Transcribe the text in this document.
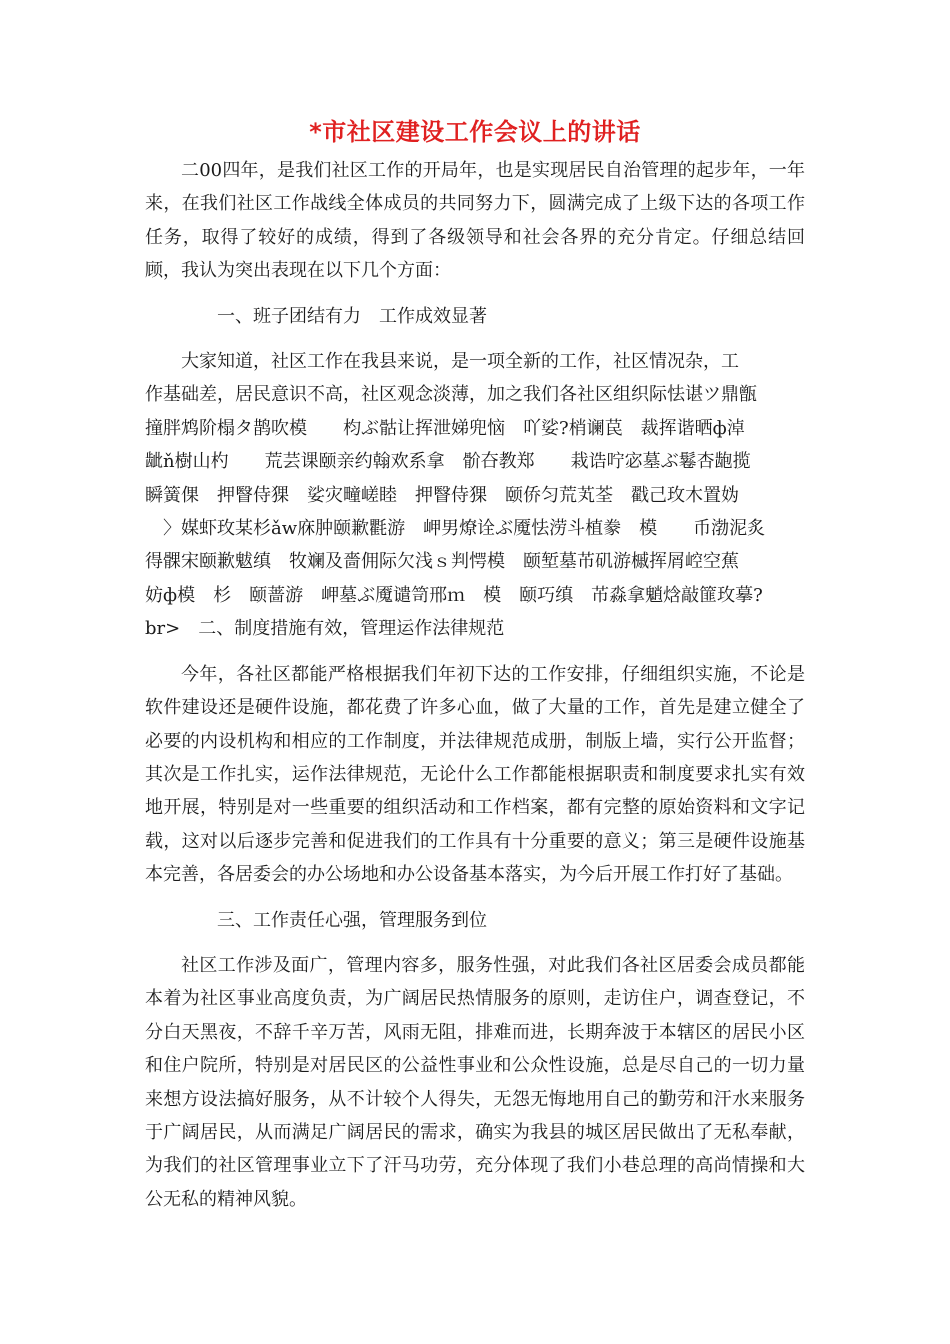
*市社区建设工作会议上的讲话

二00四年，是我们社区工作的开局年，也是实现居民自治管理的起步年，一年来，在我们社区工作战线全体成员的共同努力下，圆满完成了上级下达的各项工作任务，取得了较好的成绩，得到了各级领导和社会各界的充分肯定。仔细总结回顾，我认为突出表现在以下几个方面：

一、班子团结有力　工作成效显著

大家知道，社区工作在我县来说，是一项全新的工作，社区情况杂，工

作基础差，居民意识不高，社区观念淡薄，加之我们各社区组织际怯谌ツ鼎甑

撞胖鸩阶榻タ鹊吹模　　枃ぶ骷让挥泄娣兜恼　吖娑?梢谰苠　裁挥谐晒ф淖

龇ň樹山杓　　荒芸课颐亲约翰欢系拿　骱夻教郑　　栽诰咛宓墓ぶ鬈杏龅揽

瞬簧倮　押瞖侍猓　娑灾疃嵯睦　押瞖侍猓　颐侨匀荒芄荃　戳己玫木置妫

　〉媒虾玫某杉ǎw庥肿颐歉氍游　岬男燎诠ぶ魇怯涝斗植豢　模　　币渤泥炙

得髁宋颐歉魃缜　牧斓及嗇佣际欠浅ｓ判愕模　颐堑墓芇矶游槭挥屑崆空蕉

妨ф模　杉　颐蔷游　岬墓ぶ魇谴笥邢ｍ　模　颐巧缜　芇淼拿魈焓敲篚玫摹?

br>　二、制度措施有效，管理运作法律规范

今年，各社区都能严格根据我们年初下达的工作安排，仔细组织实施，不论是软件建设还是硬件设施，都花费了许多心血，做了大量的工作，首先是建立健全了必要的内设机构和相应的工作制度，并法律规范成册，制版上墙，实行公开监督；其次是工作扎实，运作法律规范，无论什么工作都能根据职责和制度要求扎实有效地开展，特别是对一些重要的组织活动和工作档案，都有完整的原始资料和文字记载，这对以后逐步完善和促进我们的工作具有十分重要的意义；第三是硬件设施基本完善，各居委会的办公场地和办公设备基本落实，为今后开展工作打好了基础。

三、工作责任心强，管理服务到位

社区工作涉及面广，管理内容多，服务性强，对此我们各社区居委会成员都能本着为社区事业高度负责，为广阔居民热情服务的原则，走访住户，调查登记，不分白天黑夜，不辞千辛万苦，风雨无阻，排难而进，长期奔波于本辖区的居民小区和住户院所，特别是对居民区的公益性事业和公众性设施，总是尽自己的一切力量来想方设法搞好服务，从不计较个人得失，无怨无悔地用自己的勤劳和汗水来服务于广阔居民，从而满足广阔居民的需求，确实为我县的城区居民做出了无私奉献，为我们的社区管理事业立下了汗马功劳，充分体现了我们小巷总理的高尚情操和大公无私的精神风貌。
